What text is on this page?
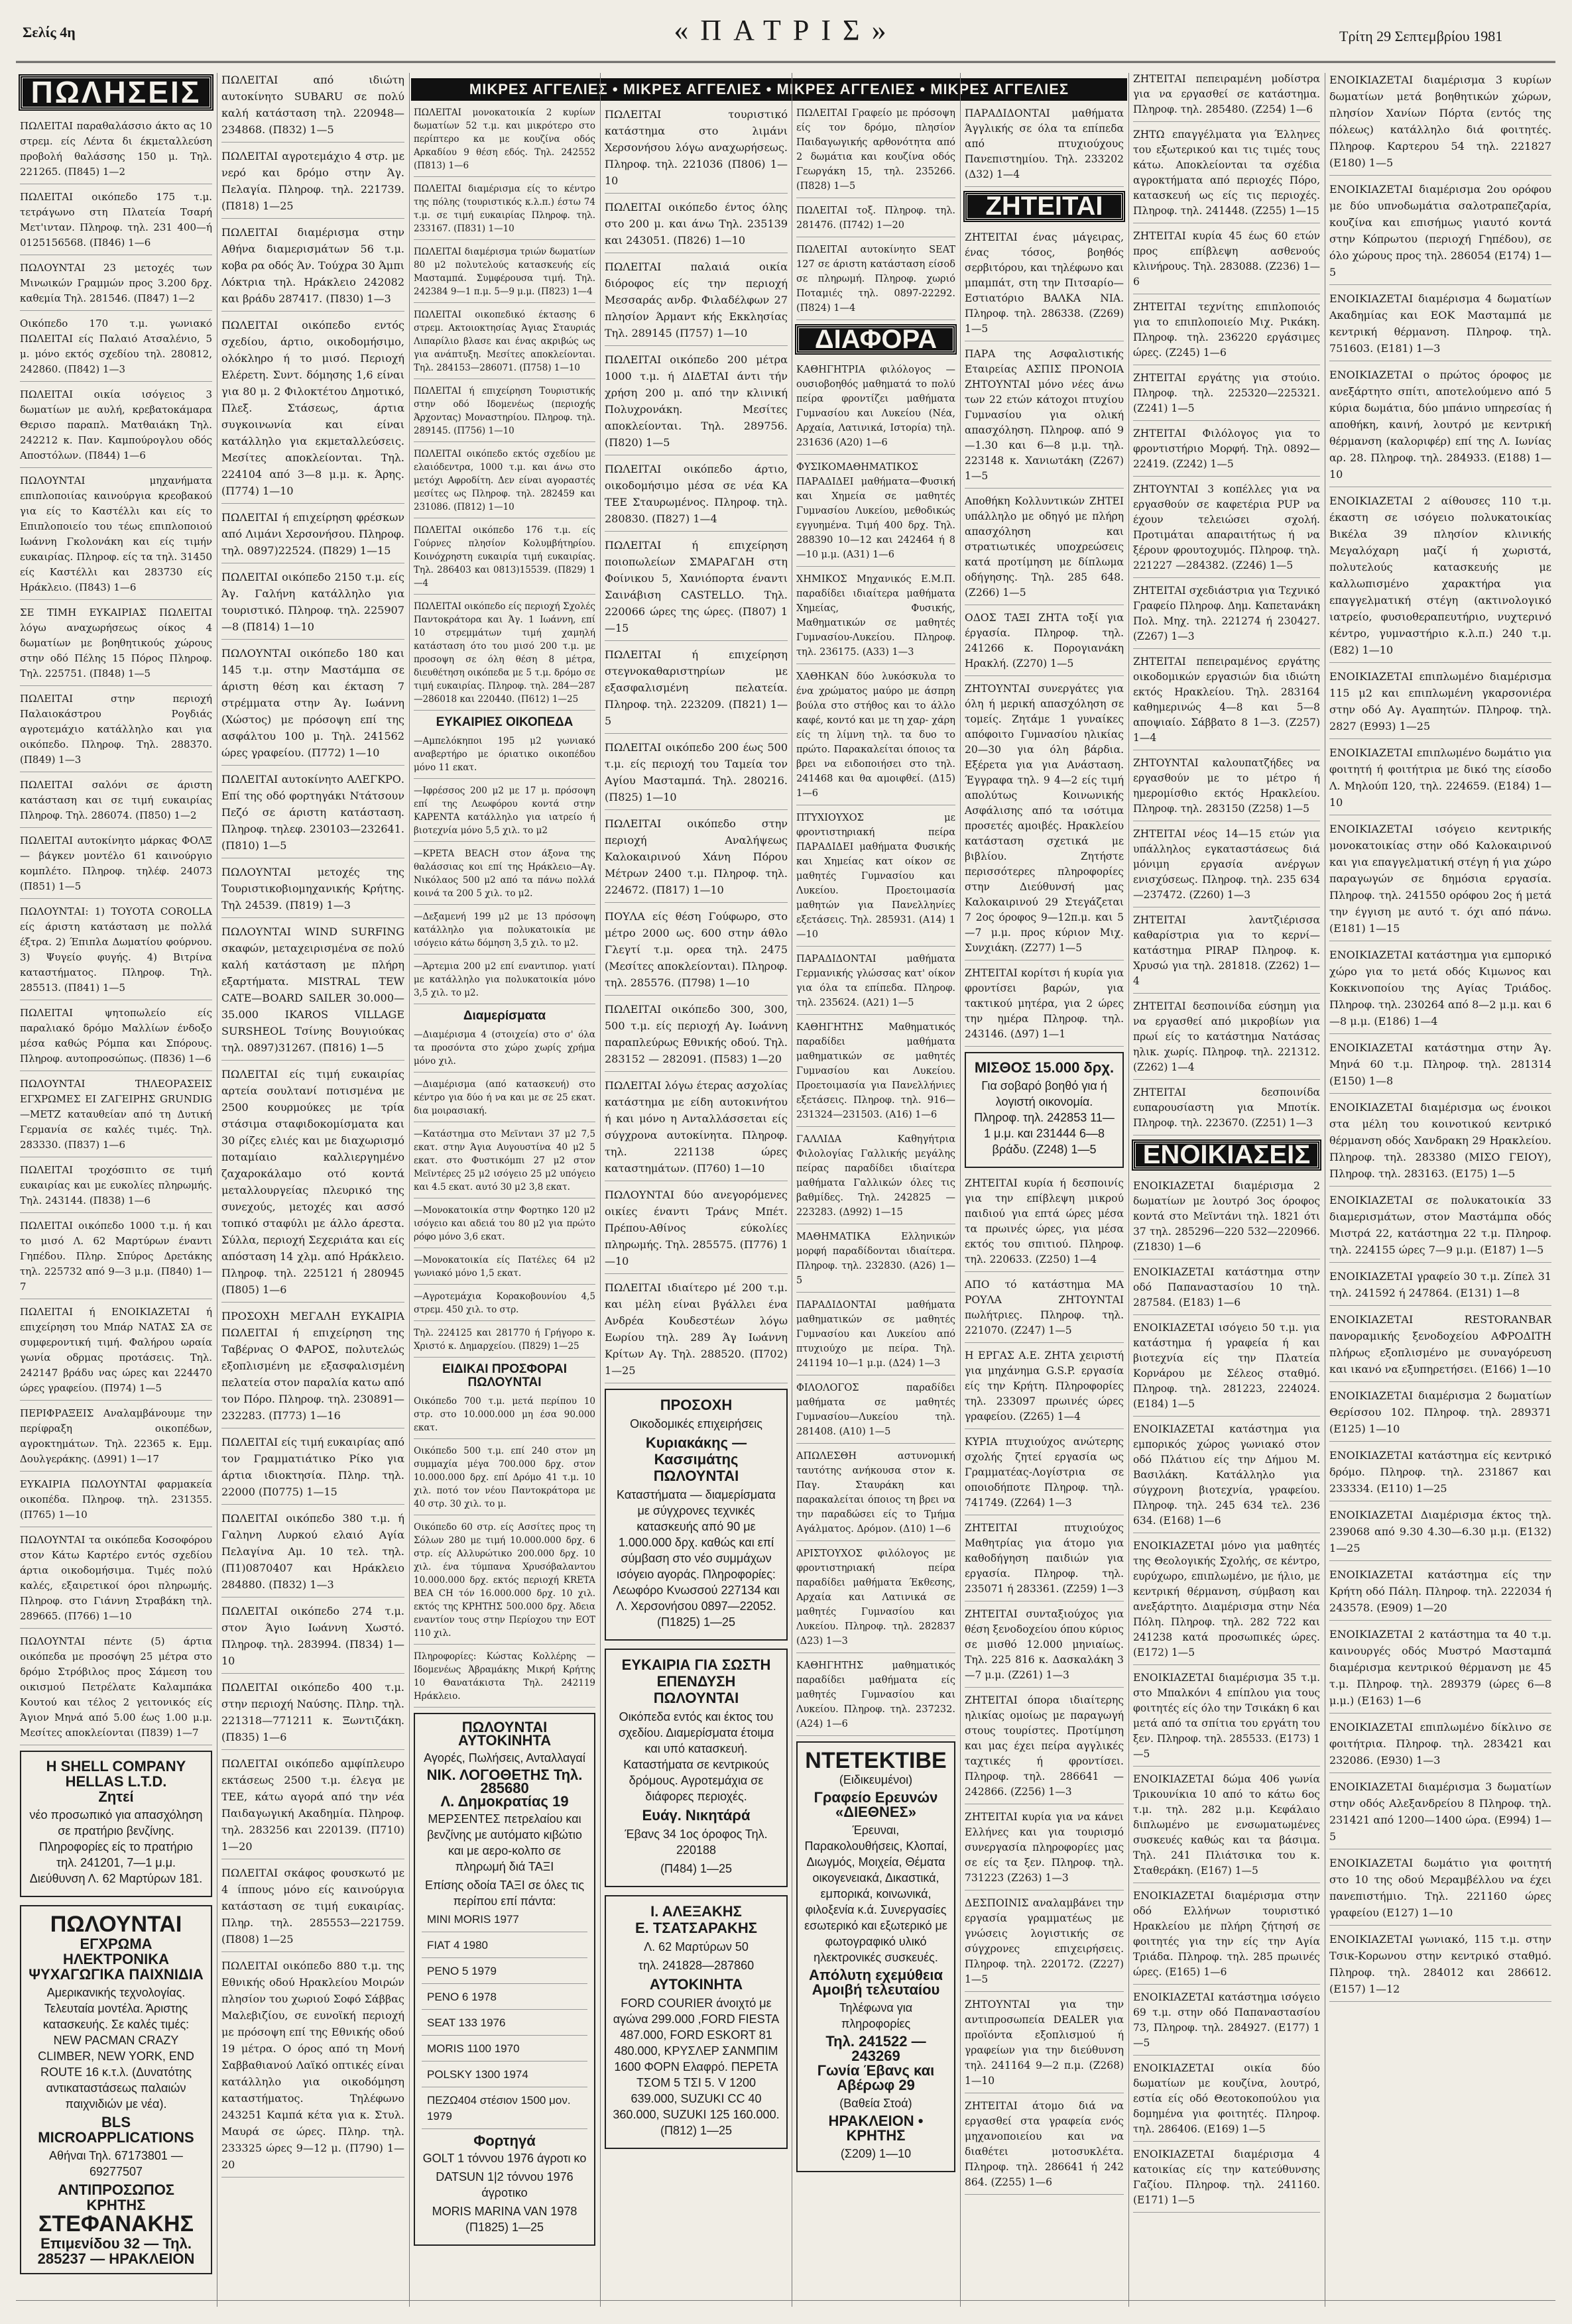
Σελίς 4η	«ΠΑΤΡΙΣ»	Τρίτη 29 Σεπτεμβρίου 1981
ΜΙΚΡΕΣ ΑΓΓΕΛΙΕΣ • ΜΙΚΡΕΣ ΑΓΓΕΛΙΕΣ • ΜΙΚΡΕΣ ΑΓΓΕΛΙΕΣ • ΜΙΚΡΕΣ ΑΓΓΕΛΙΕΣ
ΠΩΛΗΣΕΙΣ
ΠΩΛΕΙΤΑΙ παραθαλάσσιο άκτο ας 10 στρεμ. είς Λέντα δι έκμεταλλεύση προβολή θαλάσσης 150 μ. Τηλ. 221265. (Π845) 1—2
ΠΩΛΕΙΤΑΙ οικόπεδο 175 τ.μ. τετράγωνο στη Πλατεία Τσαρή Μετ'ινταν. Πληροφ. τηλ. 231 400—ή 0125156568. (Π846) 1—6
ΠΩΛΟΥΝΤΑΙ 23 μετοχές των Μινωικών Γραμμών προς 3.200 δρχ. καθεμία Τηλ. 281546. (Π847) 1—2
Οικόπεδο 170 τ.μ. γωνιακό ΠΩΛΕΙΤΑΙ είς Παλαιό Ατσαλένιο, 5 μ. μόνο εκτός σχεδίου τηλ. 280812, 242860. (Π842) 1—3
ΠΩΛΕΙΤΑΙ οικία ισόγειος 3 δωματίων με αυλή, κρεβατοκάμαρα Θερισο παραπλ. Ματθαιάκη Τηλ. 242212 κ. Παν. Καμπούρογλου οδός Αποστόλων. (Π844) 1—6
ΠΩΛΟΥΝΤΑΙ μηχανήματα επιπλοποιίας καινούργια κρεοβακού για είς το Καστέλλι και είς το Επιπλοποιείο του τέως επιπλοποιού Ιωάννη Γκολονάκη και είς τιμήν ευκαιρίας. Πληροφ. είς τα τηλ. 31450 είς Καστέλλι και 283730 είς Ηράκλειο. (Π843) 1—6
ΣΕ ΤΙΜΗ ΕΥΚΑΙΡΙΑΣ ΠΩΛΕΙΤΑΙ λόγω αναχωρήσεως οίκος 4 δωματίων με βοηθητικούς χώρους στην οδό Πέλης 15 Πόρος Πληροφ. Τηλ. 225751. (Π848) 1—5
ΠΩΛΕΙΤΑΙ στην περιοχή Παλαιοκάστρου Ρογδιάς αγροτεμάχιο κατάλληλο και για οικόπεδο. Πληροφ. Τηλ. 288370. (Π849) 1—3
ΠΩΛΕΙΤΑΙ σαλόνι σε άριστη κατάσταση και σε τιμή ευκαιρίας Πληροφ. Τηλ. 286074. (Π850) 1—2
ΠΩΛΕΙΤΑΙ αυτοκίνητο μάρκας ΦΟΛΞ — βάγκεν μοντέλο 61 καινούργιο κομπλέτο. Πληροφ. τηλέφ. 24073 (Π851) 1—5
ΠΩΛΟΥΝΤΑΙ: 1) ΤΟΥΟΤΑ COROLLA είς άριστη κατάσταση με πολλά έξτρα. 2) Έπιπλα Δωματίου φούρνου. 3) Ψυγείο φυγής. 4) Βιτρίνα καταστήματος. Πληροφ. Τηλ. 285513. (Π841) 1—5
ΠΩΛΕΙΤΑΙ ψητοπωλείο είς παραλιακό δρόμο Μαλλίων ένδοξο μέσα καθώς Ρόμπα και Σπόρους. Πληροφ. αυτοπροσώπως. (Π836) 1—6
ΠΩΛΟΥΝΤΑΙ ΤΗΛΕΟΡΑΣΕΙΣ ΕΓΧΡΩΜΕΣ ΕΙ ΖΑΓΕΙΡΗΣ GRUNDIG —ΜΕΤΖ καταυθείαν από τη Δυτική Γερμανία σε καλές τιμές. Τηλ. 283330. (Π837) 1—6
ΠΩΛΕΙΤΑΙ τροχόσπιτο σε τιμή ευκαιρίας και με ευκολίες πληρωμής. Τηλ. 243144. (Π838) 1—6
ΠΩΛΕΙΤΑΙ οικόπεδο 1000 τ.μ. ή και το μισό Λ. 62 Μαρτύρων έναντι Γηπέδου. Πληρ. Σπύρος Δρετάκης τηλ. 225732 από 9—3 μ.μ. (Π840) 1—7
ΠΩΛΕΙΤΑΙ ή ΕΝΟΙΚΙΑΖΕΤΑΙ ή επιχείρηση του Μπάρ ΝΑΤΑΣ ΣΑ σε συμφεροντική τιμή. Φαλήρου ωραία γωνία οδρμας προτάσεις. Τηλ. 242147 βράδυ νας ώρες και 224470 ώρες γραφείου. (Π974) 1—5
ΠΕΡΙΦΡΑΞΕΙΣ Αναλαμβάνουμε την περίφραξη οικοπέδων, αγροκτημάτων. Τηλ. 22365 κ. Εμμ. Δουλγεράκης. (Δ991) 1—17
ΕΥΚΑΙΡΙΑ ΠΩΛΟΥΝΤΑΙ φαρμακεία οικοπέδα. Πληροφ. τηλ. 231355. (Π765) 1—10
ΠΩΛΟΥΝΤΑΙ τα οικόπεδα Κοσοφόρου στον Κάτω Καρτέρο εντός σχεδίου άρτια οικοδομήσιμα. Τιμές πολύ καλές, εξαιρετικοί όροι πληρωμής. Πληροφ. στο Γιάννη Στραβάκη τηλ. 289665. (Π766) 1—10
ΠΩΛΟΥΝΤΑΙ πέντε (5) άρτια οικόπεδα με προσόψη 25 μέτρα στο δρόμο Στρόβιλος προς Σάμεση του οικισμού Πετρέλατε Καλαμπάκα Κουτού και τέλος 2 γειτονικός είς Άγιον Μηνά από 5.00 έως 1.00 μ.μ. Μεσίτες αποκλείονται (Π839) 1—7
Η SHELL COMPANY HELLAS L.T.D.
Ζητεί

νέο προσωπικό για απασχόληση σε πρατήριο βενζίνης. Πληροφορίες είς το πρατήριο τηλ. 241201, 7—1 μ.μ. Διεύθυνση Λ. 62 Μαρτύρων 181.

ΠΩΛΟΥΝΤΑΙ
ΕΓΧΡΩΜΑ ΗΛΕΚΤΡΟΝΙΚΑ
ΨΥΧΑΓΩΓΙΚΑ ΠΑΙΧΝΙΔΙΑ

Αμερικανικής τεχνολογίας. Τελευταία μοντέλα. Άριστης κατασκευής. Σε καλές τιμές: NEW PACMAN CRAZY CLIMBER, NEW YORK, END ROUTE 16 κ.τ.λ. (Δυνατότης αντικαταστάσεως παλαιών παιχνιδιών με νέα).

BLS MICROAPPLICATIONS

Αθήναι Τηλ. 67173801 — 69277507

ΑΝΤΙΠΡΟΣΩΠΟΣ ΚΡΗΤΗΣ
ΣΤΕΦΑΝΑΚΗΣ
Επιμενίδου 32 — Τηλ. 285237 — ΗΡΑΚΛΕΙΟΝ
ΠΩΛΕΙΤΑΙ από ιδιώτη αυτοκίνητο SUBARU σε πολύ καλή κατάσταση τηλ. 220948—234868. (Π832) 1—5
ΠΩΛΕΙΤΑΙ αγροτεμάχιο 4 στρ. με νερό και δρόμο στην Άγ. Πελαγία. Πληροφ. τηλ. 221739. (Π818) 1—25
ΠΩΛΕΙΤΑΙ διαμέρισμα στην Αθήνα διαμερισμάτων 56 τ.μ. κοβα ρα οδός Άν. Τούχρα 30 Άμπι Λόκτρια τηλ. Ηράκλειο 242082 και βράδυ 287417. (Π830) 1—3
ΠΩΛΕΙΤΑΙ οικόπεδο εντός σχεδίου, άρτιο, οικοδομήσιμο, ολόκληρο ή το μισό. Περιοχή Ελέρετη. Συντ. δόμησης 1,6 είναι για 80 μ. 2 Φιλοκτέτου Δημοτικό, Πλεξ. Στάσεως, άρτια συγκοινωνία και είναι κατάλληλο για εκμεταλλεύσεις. Μεσίτες αποκλείονται. Τηλ. 224104 από 3—8 μ.μ. κ. Άρης. (Π774) 1—10
ΠΩΛΕΙΤΑΙ ή επιχείρηση φρέσκων από Λιμάνι Χερσονήσου. Πληροφ. τηλ. 0897)22524. (Π829) 1—15
ΠΩΛΕΙΤΑΙ οικόπεδο 2150 τ.μ. είς Άγ. Γαλήνη κατάλληλο για τουριστικό. Πληροφ. τηλ. 225907—8 (Π814) 1—10
ΠΩΛΟΥΝΤΑΙ οικόπεδο 180 και 145 τ.μ. στην Μαστάμπα σε άριστη θέση και έκταση 7 στρέμματα στην Άγ. Ιωάννη (Χώστος) με πρόσοψη επί της ασφάλτου 100 μ. Τηλ. 241562 ώρες γραφείου. (Π772) 1—10
ΠΩΛΕΙΤΑΙ αυτοκίνητο ΑΛΕΓΚΡΟ. Επί της οδό φορτηγάκι Ντάτσουν Πεζό σε άριστη κατάσταση. Πληροφ. τηλεφ. 230103—232641. (Π810) 1—5
ΠΩΛΟΥΝΤΑΙ μετοχές της Τουριστικοβιομηχανικής Κρήτης. Τηλ 24539. (Π819) 1—3
ΠΩΛΟΥΝΤΑΙ WIND SURFING σκαφών, μεταχειρισμένα σε πολύ καλή κατάσταση με πλήρη εξαρτήματα. MISTRAL TEW CATE—BOARD SAILER 30.000—35.000 IKAROS VILLAGE SURSHEOL Τσίνης Βουγιούκας τηλ. 0897)31267. (Π816) 1—5
ΠΩΛΕΙΤΑΙ είς τιμή ευκαιρίας αρτεία σουλτανί ποτισμένα με 2500 κουρμούκες με τρία στάσιμα σταφιδοκομίσματα και 30 ρίζες ελιές και με διαχωρισμό ποταμίαιο καλλιεργημένο ζαχαροκάλαμο οτό κοντά μεταλλουργείας πλευρικό της συνεχούς, μετοχές και ασσό τοπικό σταφύλι με άλλο άρεστα. Σύλλα, περιοχή Σεχεριάτα και είς απόσταση 14 χλμ. από Ηράκλειο. Πληροφ. τηλ. 225121 ή 280945 (Π805) 1—6
ΠΡΟΣΟΧΗ ΜΕΓΑΛΗ ΕΥΚΑΙΡΙΑ ΠΩΛΕΙΤΑΙ ή επιχείρηση της Ταβέρνας Ο ΦΑΡΟΣ, πολυτελώς εξοπλισμένη με εξασφαλισμένη πελατεία στον παραλία κατω από τον Πόρο. Πληροφ. τηλ. 230891—232283. (Π773) 1—16
ΠΩΛΕΙΤΑΙ είς τιμή ευκαιρίας από τον Γραμματιάτικο Ρίκο για άρτια ιδιοκτησία. Πληρ. τηλ. 22000 (Π0775) 1—15
ΠΩΛΕΙΤΑΙ οικόπεδο 380 τ.μ. ή Γαληνη Λυρκού ελαιό Αγία Πελαγίνα Αμ. 10 τελ. τηλ. (Π1)0870407 και Ηράκλειο 284880. (Π832) 1—3
ΠΩΛΕΙΤΑΙ οικόπεδο 274 τ.μ. στον Άγιο Ιωάννη Χωστό. Πληροφ. τηλ. 283994. (Π834) 1—10
ΠΩΛΕΙΤΑΙ οικόπεδο 400 τ.μ. στην περιοχή Ναύσης. Πληρ. τηλ. 221318—771211 κ. Ξωντιζάκη. (Π835) 1—6
ΠΩΛΕΙΤΑΙ οικόπεδο αμφίπλευρο εκτάσεως 2500 τ.μ. έλεγα με TEE, κάτω αγορά από την νέα Παιδαγωγική Ακαδημία. Πληροφ. τηλ. 283256 και 220139. (Π710) 1—20
ΠΩΛΕΙΤΑΙ σκάφος φουσκωτό με 4 ίππους μόνο είς καινούργια κατάσταση σε τιμή ευκαιρίας. Πληρ. τηλ. 285553—221759. (Π808) 1—25
ΠΩΛΕΙΤΑΙ οικόπεδο 880 τ.μ. της Εθνικής οδού Ηρακλείου Μοιρών πλησίον του χωριού Σοφό Σάββας Μαλεβιζίου, σε ευνοϊκή περιοχή με πρόσοψη επί της Εθνικής οδού 19 μέτρα. Ο όρος από τη Μονή Σαββαθιανού Λαϊκό οπτικές είναι κατάλληλο για οικοδόμηση καταστήματος. Τηλέφωνο 243251 Καμπά κέτα για κ. Στυλ. Μαυρά σε ώρες. Πληρ. τηλ. 233325 ώρες 9—12 μ. (Π790) 1—20
ΠΩΛΕΙΤΑΙ μονοκατοικία 2 κυρίων δωματίων 52 τ.μ. και μικρότερο στο περίπτερο κα με κουζίνα οδός Αρκαδίου 9 θέση εδός. Τηλ. 242552 (Π813) 1—6
ΠΩΛΕΙΤΑΙ διαμέρισμα είς το κέντρο της πόλης (τουριστικός κ.λ.π.) έστω 74 τ.μ. σε τιμή ευκαιρίας Πληροφ. τηλ. 233167. (Π831) 1—10
ΠΩΛΕΙΤΑΙ διαμέρισμα τριών δωματίων 80 μ2 πολυτελούς κατασκευής είς Μασταμπά. Συμφέρουσα τιμή. Τηλ. 242384 9—1 π.μ. 5—9 μ.μ. (Π823) 1—4
ΠΩΛΕΙΤΑΙ οικοπεδικό έκτασης 6 στρεμ. Ακτοιοκτησίας Άγιας Σταυριάς Λιπαρίλιο βλασε και ένας ακριβώς ως για ανάπτυξη. Μεσίτες αποκλείονται. Τηλ. 284153—286071. (Π758) 1—10
ΠΩΛΕΙΤΑΙ ή επιχείρηση Τουριστικής στην οδό Ιδομενέως (περιοχής Άρχοντας) Μοναστηρίου. Πληροφ. τηλ. 289145. (Π756) 1—10
ΠΩΛΕΙΤΑΙ οικόπεδο εκτός σχεδίου με ελαιόδεντρα, 1000 τ.μ. και άνω στο μετόχι Αφροδίτη. Δεν είναι αγοραστές μεσίτες ως Πληροφ. τηλ. 282459 και 231086. (Π812) 1—10
ΠΩΛΕΙΤΑΙ οικόπεδο 176 τ.μ. είς Γούρνες πλησίον Κολυμβήτηρίου. Κοινόχρηστη ευκαιρία τιμή ευκαιρίας. Τηλ. 286403 και 0813)15539. (Π829) 1—4
ΠΩΛΕΙΤΑΙ οικόπεδο είς περιοχή Σχολές Παντοκράτορα και Άγ. 1 Ιωάννη, επί 10 στρεμμάτων τιμή χαμηλή κατάσταση ότο του μισό 200 τ.μ. με προσοψη σε όλη θέση 8 μέτρα, διευθέτηση οικόπεδα με 5 τ.μ. δρόμο σε τιμή ευκαιρίας. Πληροφ. τηλ. 284—287 —286018 και 220440. (Π612) 1—25
ΕΥΚΑΙΡΙΕΣ ΟΙΚΟΠΕΔΑ
—Αμπελόκηποι 195 μ2 γωνιακό αναβερτήρο με όριατικο οικοπέδου μόνο 11 εκατ.
—Ιφρέσσος 200 μ2 με 17 μ. πρόσοψη επί της Λεωφόρου κοντά στην ΚΑΡΕΝΤΑ κατάλληλο για ιατρείο ή βιοτεχνία μόνο 5,5 χιλ. το μ2
—ΚΡΕΤΑ BEACH στον άξονα της θαλάσσιας κοι επί της Ηράκλειο—Αγ. Νικόλαος 500 μ2 από τα πάνω πολλά κοινά τα 200 5 χιλ. το μ2.
—Δεξαμενή 199 μ2 με 13 πρόσοψη κατάλληλο για πολυκατοικία με ισόγειο κάτω δόμηση 3,5 χιλ. το μ2.
—Άρτεμια 200 μ2 επί εναντιπορ. γιατί με κατάλληλο για πολυκατοικία μόνο 3,5 χιλ. το μ2.
Διαμερίσματα
—Διαμέρισμα 4 (στοιχεία) στο σ' όλα τα προσόντα στο χώρο χωρίς χρήμα μόνο χιλ.
—Διαμέρισμα (από κατασκευή) στο κέντρο για δύο ή να και με σε 25 εκατ. δια μοιρασιακή.
—Κατάστημα στο Μεϊντανι 37 μ2 7,5 εκατ. στην Άγια Αυγουστίνα 40 μ2 5 εκατ. στο Φυστικόμπι 27 μ2 στον Μεϊντέρες 25 μ2 ισόγειο 25 μ2 υπόγειο και 4.5 εκατ. αυτό 30 μ2 3,8 εκατ.
—Μονοκατοικία στην Φορτηκο 120 μ2 ισόγειο και αδειά του 80 μ2 για πρώτο ρόφο μόνο 3,6 εκατ.
—Μονοκατοικία είς Πατέλες 64 μ2 γωνιακό μόνο 1,5 εκατ.
—Αγροτεμάχια Κορακοβουνίου 4,5 στρεμ. 450 χιλ. το στρ.
Τηλ. 224125 και 281770 ή Γρήγορο κ. Χριστό κ. Δημαρχείου. (Π829) 1—25
ΕΙΔΙΚΑΙ ΠΡΟΣΦΟΡΑΙ ΠΩΛΟΥΝΤΑΙ
Οικόπεδο 700 τ.μ. μετά περίπου 10 στρ. στο 10.000.000 μη έσα 90.000 εκατ.
Οικόπεδο 500 τ.μ. επί 240 στον μη συμμαχία μέγα 700.000 δρχ. στον 10.000.000 δρχ. επί Δρόμο 41 τ.μ. 10 χιλ. ποτό τον νέου Παντοκράτορα με 40 στρ. 30 χιλ. το μ.
Οικόπεδο 60 στρ. είς Ασσίτες προς τη Σόλων 280 με τιμή 10.000.000 δρχ. 6 στρ. είς Αλλυρώτικο 200.000 δρχ. 10 χιλ. ένα τύμπανα Χρυσόβαλαντου 10.000.000 δρχ. εκτός περιοχή KRETA BEA CH τόν 16.000.000 δρχ. 10 χιλ. εκτός της ΚΡΗΤΗΣ 500.000 δρχ. Άδεια εναντίον τους στην Περίοχου την ΕΟΤ 110 χιλ.
Πληροφορίες: Κώστας Κολλέρης —Ιδομενέως Άβραμάκης Μικρή Κρήτης 10 Θανατάκιστα Τηλ. 242119 Ηράκλειο.
ΠΩΛΟΥΝΤΑΙ ΑΥΤΟΚΙΝΗΤΑ

Αγορές, Πωλήσεις, Ανταλλαγαί

ΝΙΚ. ΛΟΓΟΘΕΤΗΣ Τηλ. 285680
Λ. Δημοκρατίας 19

ΜΕΡΣΕΝΤΕΣ πετρελαίου και βενζίνης με αυτόματο κιβώτιο και με αερο-κολπο σε πληρωμή διά ΤΑΞΙ

Επίσης οδοία ΤΑΞΙ σε όλες τις περίπου επί πάντα:

MINI MORIS 1977
FIAT 4 1980
PENO 5 1979
PENO 6 1978
SEAT 133 1976
MORIS 1100 1970
POLSKY 1300 1974
ΠΕΖΩ404 στέσιον 1500 μον. 1979
Φορτηγά

GOLT 1 τόννου 1976 άγροτι κο

DATSUN 1|2 τόννου 1976 άγροτικο

MORIS MARINA VAN 1978 (Π1825) 1—25

ΠΩΛΕΙΤΑΙ τουριστικό κατάστημα στο λιμάνι Χερσονήσου λόγω αναχωρήσεως. Πληροφ. τηλ. 221036 (Π806) 1—10
ΠΩΛΕΙΤΑΙ οικόπεδο έντος όλης στο 200 μ. και άνω Τηλ. 235139 και 243051. (Π826) 1—10
ΠΩΛΕΙΤΑΙ παλαιά οικία διόροφος είς την περιοχή Μεσσαράς ανδρ. Φιλαδέλφων 27 πλησίον Άρμαντ κής Εκκλησίας Τηλ. 289145 (Π757) 1—10
ΠΩΛΕΙΤΑΙ οικόπεδο 200 μέτρα 1000 τ.μ. ή ΔΙΔΕΤΑΙ άντι τήν χρήση 200 μ. από την κλινική Πολυχρονάκη. Μεσίτες αποκλείονται. Τηλ. 289756. (Π820) 1—5
ΠΩΛΕΙΤΑΙ οικόπεδο άρτιο, οικοδομήσιμο μέσα σε νέα ΚΑ ΤΕΕ Σταυρωμένος. Πληροφ. τηλ. 280830. (Π827) 1—4
ΠΩΛΕΙΤΑΙ ή επιχείρηση ποιοπωλείων ΣΜΑΡΑΓΔΗ στη Φοίνικου 5, Χανιόπορτα έναντι Σαινάβιση CASTELLO. Τηλ. 220066 ώρες της ώρες. (Π807) 1—15
ΠΩΛΕΙΤΑΙ ή επιχείρηση στεγνοκαθαριστηρίων με εξασφαλισμένη πελατεία. Πληροφ. τηλ. 223209. (Π821) 1—5
ΠΩΛΕΙΤΑΙ οικόπεδο 200 έως 500 τ.μ. είς περιοχή του Ταμεία τον Αγίου Μασταμπά. Τηλ. 280216. (Π825) 1—10
ΠΩΛΕΙΤΑΙ οικόπεδο στην περιοχή Αναλήψεως Καλοκαιρινού Χάνη Πόρου Μέτρων 2400 τ.μ. Πληροφ. τηλ. 224672. (Π817) 1—10
ΠΟΥΛΑ είς θέση Γούφωρο, στο μέτρο 2000 ως. 600 στην άθλο Γλεγτί τ.μ. ορεα τηλ. 2475 (Μεσίτες αποκλείονται). Πληροφ. τηλ. 285576. (Π798) 1—10
ΠΩΛΕΙΤΑΙ οικόπεδο 300, 300, 500 τ.μ. είς περιοχή Αγ. Ιωάννη παραπλεύρως Εθνικής οδού. Τηλ. 283152 — 282091. (Π583) 1—20
ΠΩΛΕΙΤΑΙ λόγω έτερας ασχολίας κατάστημα με είδη αυτοκινήτου ή και μόνο η Ανταλλάσσεται είς σύγχρονα αυτοκίνητα. Πληροφ. τηλ. 221138 ώρες καταστημάτων. (Π760) 1—10
ΠΩΛΟΥΝΤΑΙ δύο ανεγορόμενες οικίες έναντι Τράνς Μπέτ. Πρέπου-Αθίνος εύκολίες πληρωμής. Τηλ. 285575. (Π776) 1—10
ΠΩΛΕΙΤΑΙ ιδιαίτερο μέ 200 τ.μ. και μέλη είναι βγάλλει ένα Ανδρέα Κουδεστέων λόγω Εωρίου τηλ. 289 Άγ Ιωάννη Κρίτων Αγ. Τηλ. 288520. (Π702) 1—25
ΠΡΟΣΟΧΗ

Οικοδομικές επιχειρήσεις

Κυριακάκης — Κασσιμάτης
ΠΩΛΟΥΝΤΑΙ

Καταστήματα — διαμερίσματα με σύγχρονες τεχνικές κατασκευής από 90 με 1.000.000 δρχ. καθώς και επί σύμβαση στο νέο συμμάχων ισόγειο αγοράς. Πληροφορίες: Λεωφόρο Κνωσσού 227134 και Λ. Χερσονήσου 0897—22052. (Π1825) 1—25

ΕΥΚΑΙΡΙΑ ΓΙΑ ΣΩΣΤΗ ΕΠΕΝΔΥΣΗ
ΠΩΛΟΥΝΤΑΙ

Οικόπεδα εντός και έκτος του σχεδίου. Διαμερίσματα έτοιμα και υπό κατασκευή. Καταστήματα σε κεντρικούς δρόμους. Αγροτεμάχια σε διάφορες περιοχές.

Ευάγ. Νικητάρά

Έβανς 34 1ος όροφος Τηλ. 220188

(Π484) 1—25

Ι. ΑΛΕΞΑΚΗΣ
Ε. ΤΣΑΤΣΑΡΑΚΗΣ

Λ. 62 Μαρτύρων 50

τηλ. 241828—287860

ΑΥΤΟΚΙΝΗΤΑ

FORD COURIER άνοιχτό με αγώνα 299.000 ,FORD FIESTA 487.000, FORD ESKORT 81 480.000, ΚΡΥΣΛΕΡ ΣΑΝΜΠΙΜ 1600 ΦΟΡΝ Ελαφρό. ΠΕΡΕΤΑ ΤΣΟΜ 5 ΤΣΙ 5. V 1200 639.000, SUZUKI CC 40 360.000, SUZUKI 125 160.000. (Π812) 1—25

ΠΩΛΕΙΤΑΙ Γραφείο με πρόσοψη είς τον δρόμο, πλησίον Παιδαγωγικής αρθονότητα από 2 δωμάτια και κουζίνα οδός Γεωργάκη 15, τηλ. 235266. (Π828) 1—5
ΠΩΛΕΙΤΑΙ τοξ. Πληροφ. τηλ. 281476. (Π742) 1—20
ΠΩΛΕΙΤΑΙ αυτοκίνητο SEAT 127 σε άριστη κατάσταση είσοδ σε πληρωμή. Πληροφ. χωριό Ποταμιές τηλ. 0897-22292. (Π824) 1—4
ΔΙΑΦΟΡΑ
ΚΑΘΗΓΗΤΡΙΑ φιλόλογος — ουσιοβοηθός μαθηματά το πολύ πείρα φροντίζει μαθήματα Γυμνασίου και Λυκείου (Νέα, Αρχαία, Λατινικά, Ιστορία) τηλ. 231636 (Α20) 1—6
ΦΥΣΙΚΟΜΑΘΗΜΑΤΙΚΟΣ ΠΑΡΑΔΙΔΕΙ μαθήματα—Φυσική και Χημεία σε μαθητές Γυμνασίου Λυκείου, μεθοδικώς εγγυημένα. Τιμή 400 δρχ. Τηλ. 288390 10—12 και 242464 ή 8—10 μ.μ. (Α31) 1—6
ΧΗΜΙΚΟΣ Μηχανικός Ε.Μ.Π. παραδίδει ιδιαίτερα μαθήματα Χημείας, Φυσικής, Μαθηματικών σε μαθητές Γυμνασίου-Λυκείου. Πληροφ. τηλ. 236175. (Α33) 1—3
ΧΑΘΗΚΑΝ δύο λυκόσκυλα το ένα χρώματος μαύρο με άσπρη βούλα στο στήθος και το άλλο καφέ, κοντό και με τη χαρ- χάρη είς τη λίμνη τηλ. τα δυο το πρώτο. Παρακαλείται όποιος τα βρει να ειδοποιήσει στο τηλ. 241468 και θα αμοιφθεί. (Δ15) 1—6
ΠΤΥΧΙΟΥΧΟΣ με φροντιστηριακή πείρα ΠΑΡΑΔΙΔΕΙ μαθήματα Φυσικής και Χημείας κατ οίκον σε μαθητές Γυμνασίου και Λυκείου. Προετοιμασία μαθητών για Πανελληνίες εξετάσεις. Τηλ. 285931. (Α14) 1—10
ΠΑΡΑΔΙΔΟΝΤΑΙ μαθήματα Γερμανικής γλώσσας κατ' οίκον για όλα τα επίπεδα. Πληροφ. τηλ. 235624. (Α21) 1—5
ΚΑΘΗΓΗΤΗΣ Μαθηματικός παραδίδει μαθήματα μαθηματικών σε μαθητές Γυμνασίου και Λυκείου. Προετοιμασία για Πανελλήνιες εξετάσεις. Πληροφ. τηλ. 916—231324—231503. (Α16) 1—6
ΓΑΛΛΙΔΑ Καθηγήτρια Φιλολογίας Γαλλικής μεγάλης πείρας παραδίδει ιδιαίτερα μαθήματα Γαλλικών όλες τις βαθμίδες. Τηλ. 242825 — 223283. (Δ992) 1—15
ΜΑΘΗΜΑΤΙΚΑ Ελληνικών μορφή παραδίδονται ιδιαίτερα. Πληροφ. τηλ. 232830. (Α26) 1—5
ΠΑΡΑΔΙΔΟΝΤΑΙ μαθήματα μαθηματικών σε μαθητές Γυμνασίου και Λυκείου από πτυχιούχο με πείρα. Τηλ. 241194 10—1 μ.μ. (Δ24) 1—3
ΦΙΛΟΛΟΓΟΣ παραδίδει μαθήματα σε μαθητές Γυμνασίου—Λυκείου τηλ. 281408. (Α10) 1—5
ΑΠΩΛΕΣΘΗ αστυνομική ταυτότης ανήκουσα στον κ. Παγ. Σταυράκη και παρακαλείται όποιος τη βρει να την παραδώσει είς το Τμήμα Αγάλματος. Δρόμον. (Δ10) 1—6
ΑΡΙΣΤΟΥΧΟΣ φιλόλογος με φροντιστηριακή πείρα παραδίδει μαθήματα Έκθεσης, Αρχαία και Λατινικά σε μαθητές Γυμνασίου και Λυκείου. Πληροφ. τηλ. 282837 (Δ23) 1—3
ΚΑΘΗΓΗΤΗΣ μαθηματικός παραδίδει μαθήματα είς μαθητές Γυμνασίου και Λυκείου. Πληροφ. τηλ. 237232. (Α24) 1—6
ΝΤΕΤΕΚΤΙΒΕ

(Ειδικευμένοι)

Γραφείο Ερευνών «ΔΙΕΘΝΕΣ»

Έρευναι, Παρακολουθήσεις, Κλοπαί, Διωγμός, Μοιχεία, Θέματα οικογενειακά, Δικαστικά, εμπορικά, κοινωνικά, φιλοξενία κ.ά. Συνεργασίες εσωτερικό και εξωτερικό με φωτογραφικό υλικό ηλεκτρονικές συσκευές.

Απόλυτη εχεμύθεια
Αμοιβή τελευταίου

Τηλέφωνα για πληροφορίες

Τηλ. 241522 — 243269
Γωνία Έβανς και Αβέρωφ 29

(Βαθεία Στοά)

ΗΡΑΚΛΕΙΟΝ • ΚΡΗΤΗΣ

(Σ209) 1—10

ΠΑΡΑΔΙΔΟΝΤΑΙ μαθήματα Άγγλικής σε όλα τα επίπεδα από πτυχιούχους Πανεπιστημίου. Τηλ. 233202 (Δ32) 1—4
ΖΗΤΕΙΤΑΙ
ΖΗΤΕΙΤΑΙ ένας μάγειρας, ένας τόσος, βοηθός σερβιτόρου, και τηλέφωνο και μπαμπάτ, στη την Πιτσαρίο—Εστιατόριο ΒΑΛΚΑ ΝΙΑ. Πληροφ. τηλ. 286338. (Ζ269) 1—5
ΠΑΡΑ της Ασφαλιστικής Εταιρείας ΑΣΠΙΣ ΠΡΟΝΟΙΑ ΖΗΤΟΥΝΤΑΙ μόνο νέες άνω των 22 ετών κάτοχοι πτυχίου Γυμνασίου για ολική απασχόληση. Πληροφ. από 9—1.30 και 6—8 μ.μ. τηλ. 223148 κ. Χανιωτάκη (Ζ267) 1—5
Αποθήκη Κολλυντικών ΖΗΤΕΙ υπάλληλο με οδηγό με πλήρη απασχόληση και στρατιωτικές υποχρεώσεις κατά προτίμηση με δίπλωμα οδήγησης. Τηλ. 285 648. (Ζ266) 1—5
ΟΔΟΣ ΤΑΞΙ ΖΗΤΑ τοξί για έργασία. Πληροφ. τηλ. 241266 κ. Πορογιανάκη Ηρακλή. (Ζ270) 1—5
ΖΗΤΟΥΝΤΑΙ συνεργάτες για όλη ή μερική απασχόληση σε τομείς. Ζητάμε 1 γυναίκες απόφοιτο Γυμνασίου ηλικίας 20—30 για όλη βάρδια. Εξέρετα για για Ανάσταση. Έγγραφα τηλ. 9 4—2 είς τιμή απολύτως Κοινωνικής Ασφάλισης από τα ισότιμα προσετές αμοιβές. Ηρακλείου κατάσταση σχετικά με βιβλίου. Ζητήστε περισσότερες πληροφορίες στην Διεύθυνσή μας Καλοκαιρινού 29 Στεγάζεται 7 2ος όροφος 9—12π.μ. και 5—7 μ.μ. προς κύριον Μιχ. Συνχιάκη. (Ζ277) 1—5
ΖΗΤΕΙΤΑΙ κορίτσι ή κυρία για φροντίσει βαρών, για τακτικού μητέρα, για 2 ώρες την ημέρα Πληροφ. τηλ. 243146. (Δ97) 1—1
ΜΙΣΘΟΣ 15.000 δρχ.

Για σοβαρό βοηθό για ή λογιστή οικονομία. Πληροφ. τηλ. 242853 11—1 μ.μ. και 231444 6—8 βράδυ. (Ζ248) 1—5

ΖΗΤΕΙΤΑΙ κυρία ή δεσποινίς για την επίβλεψη μικρού παιδιού για επτά ώρες μέσα τα πρωινές ώρες, για μέσα εκτός του σπιτιού. Πληροφ. τηλ. 220633. (Z250) 1—4
ΑΠΟ τό κατάστημα ΜΑ ΡΟΥΛΑ ΖΗΤΟΥΝΤΑΙ πωλήτριες. Πληροφ. τηλ. 221070. (Ζ247) 1—5
Η ΕΡΓΑΣ Α.Ε. ΖΗΤΑ χειριστή για μηχάνημα G.S.P. εργασία είς την Κρήτη. Πληροφορίες τηλ. 233097 πρωινές ώρες γραφείου. (Z265) 1—4
ΚΥΡΙΑ πτυχιούχος ανώτερης σχολής ζητεί εργασία ως Γραμματέας-Λογίστρια σε οποιοδήποτε Πληροφ. τηλ. 741749. (Ζ264) 1—3
ΖΗΤΕΙΤΑΙ πτυχιούχος Μαθητρίας για άτομο για καθοδήγηση παιδιών για εργασία. Πληροφ. τηλ. 235071 ή 283361. (Ζ259) 1—3
ΖΗΤΕΙΤΑΙ συνταξιούχος για θέση ξενοδοχείου όπου κύριος σε μισθό 12.000 μηνιαίως. Τηλ. 225 816 κ. Δασκαλάκη 3—7 μ.μ. (Ζ261) 1—3
ΖΗΤΕΙΤΑΙ όπορα ιδιαίτερης ηλικίας ομοίως με παραγωγή στους τουρίστες. Προτίμηση και μας έχει πείρα αγγλικές ταχτικές ή φροντίσει. Πληροφ. τηλ. 286641 — 242866. (Ζ256) 1—3
ΖΗΤΕΙΤΑΙ κυρία για να κάνει Ελλήνες και για τουρισμό συνεργασία πληροφορίες μας σε είς τα ξεν. Πληροφ. τηλ. 731223 (Z263) 1—3
ΔΕΣΠΟΙΝΙΣ αναλαμβάνει την εργασία γραμματέως με γνώσεις λογιστικής σε σύγχρονες επιχειρήσεις. Πληροφ. τηλ. 220172. (Ζ227) 1—5
ΖΗΤΟΥΝΤΑΙ για την αντιπροσωπεία DEALER για προϊόντα εξοπλισμού ή γραφείων για την διεύθυνση τηλ. 241164 9—2 π.μ. (Z268) 1—10
ΖΗΤΕΙΤΑΙ άτομο διά να εργασθεί στα γραφεία ενός μηχανοποιείου και να διαθέτει μοτοσυκλέτα. Πληροφ. τηλ. 286641 ή 242 864. (Ζ255) 1—6
ΖΗΤΕΙΤΑΙ πεπειραμένη μοδίστρα για να εργασθεί σε κατάστημα. Πληροφ. τηλ. 285480. (Ζ254) 1—6
ΖΗΤΩ επαγγέλματα για Έλληνες του εξωτερικού και τις τιμές τους κάτω. Αποκλείονται τα σχέδια αγροκτήματα από περιοχές Πόρο, κατασκευή ως είς τις περιοχές. Πληροφ. τηλ. 241448. (Ζ255) 1—15
ΖΗΤΕΙΤΑΙ κυρία 45 έως 60 ετών προς επίβλεψη ασθενούς κλινήρους. Τηλ. 283088. (Z236) 1—6
ΖΗΤΕΙΤΑΙ τεχνίτης επιπλοποιός για το επιπλοποιείο Μιχ. Ρικάκη. Πληροφ. τηλ. 236220 εργάσιμες ώρες. (Z245) 1—6
ΖΗΤΕΙΤΑΙ εργάτης για στούιο. Πληροφ. τηλ. 225320—225321. (Ζ241) 1—5
ΖΗΤΕΙΤΑΙ Φιλόλογος για το φροντιστήριο Μορφή. Τηλ. 0892—22419. (Ζ242) 1—5
ΖΗΤΟΥΝΤΑΙ 3 κοπέλλες για να εργασθούν σε καφετέρια PUP να έχουν τελειώσει σχολή. Προτιμάται απαραιτήτως ή να ξέρουν φρουτοχυμός. Πληροφ. τηλ. 221227 —284382. (Z246) 1—5
ΖΗΤΕΙΤΑΙ σχεδιάστρια για Τεχνικό Γραφείο Πληροφ. Δημ. Καπετανάκη Πολ. Μηχ. τηλ. 221274 ή 230427. (Z267) 1—3
ΖΗΤΕΙΤΑΙ πεπειραμένος εργάτης οικοδομικών εργασιών δια ιδιώτη εκτός Ηρακλείου. Τηλ. 283164 καθημερινώς 4—8 και 5—8 αποψιαίο. Σάββατο 8 1—3. (Ζ257) 1—4
ΖΗΤΟΥΝΤΑΙ καλουπατζήδες να εργασθούν με το μέτρο ή ημερομίσθιο εκτός Ηρακλείου. Πληροφ. τηλ. 283150 (Z258) 1—5
ΖΗΤΕΙΤΑΙ νέος 14—15 ετών για υπάλληλος εγκαταστάσεως διά μόνιμη εργασία ανέργων ενισχύσεως. Πληροφ. τηλ. 235 634—237472. (Ζ260) 1—3
ΖΗΤΕΙΤΑΙ λαντζιέρισσα καθαρίστρια για το κερνί—κατάστημα PIRAP Πληροφ. κ. Χρυσώ για τηλ. 281818. (Ζ262) 1—4
ΖΗΤΕΙΤΑΙ δεσποινίδα εύσημη για να εργασθεί από μικροβίων για πρωί είς το κατάστημα Νατάσας ηλικ. χωρίς. Πληροφ. τηλ. 221312. (Ζ262) 1—4
ΖΗΤΕΙΤΑΙ δεσποινίδα ευπαρουσίαστη για Μποτίκ. Πληροφ. τηλ. 223670. (Ζ251) 1—3
ΕΝΟΙΚΙΑΣΕΙΣ
ΕΝΟΙΚΙΑΖΕΤΑΙ διαμέρισμα 2 δωματίων με λουτρό 3ος όροφος κοντά στο Μεϊντάνι τηλ. 1821 ότι 37 τηλ. 285296—220 532—220966. (Ζ1830) 1—6
ΕΝΟΙΚΙΑΖΕΤΑΙ κατάστημα στην οδό Παπαναστασίου 10 τηλ. 287584. (Ε183) 1—6
ΕΝΟΙΚΙΑΖΕΤΑΙ ισόγειο 50 τ.μ. για κατάστημα ή γραφεία ή και βιοτεχνία είς την Πλατεία Κορνάρου με Σέλεος σταθμό. Πληροφ. τηλ. 281223, 224024. (E184) 1—5
ΕΝΟΙΚΙΑΖΕΤΑΙ κατάστημα για εμπορικός χώρος γωνιακό στον οδό Πλάτιου είς την Δήμου Μ. Βασιλάκη. Κατάλληλο για σύγχρονη βιοτεχνία, γραφείου. Πληροφ. τηλ. 245 634 τελ. 236 634. (Ε168) 1—6
ΕΝΟΙΚΙΑΖΕΤΑΙ μόνο για μαθητές της Θεολογικής Σχολής, σε κέντρο, ευρύχωρο, επιπλωμένο, με ήλιο, με κεντρική θέρμανση, σύμβαση και ανεξάρτητο. Διαμέρισμα στην Νέα Πόλη. Πληροφ. τηλ. 282 722 και 241238 κατά προσωπικές ώρες. (Ε172) 1—5
ΕΝΟΙΚΙΑΖΕΤΑΙ διαμέρισμα 35 τ.μ. στο Μπαλκόνι 4 επίπλου για τους φοιτητές είς όλο την Τσικάκη 6 και μετά από τα σπίτια του εργάτη του ξεν. Πληροφ. τηλ. 285533. (E173) 1—5
ΕΝΟΙΚΙΑΖΕΤΑΙ δώμα 406 γωνία Τρικουνίκια 10 από το κάτω 6ος τ.μ. τηλ. 282 μ.μ. Κεφάλαιο διπλωμένο με ενσωματωμένες συσκευές καθώς και τα βάσιμα. Τηλ. 241 Πλιάτσικα του κ. Σταθεράκη. (Ε167) 1—5
ΕΝΟΙΚΙΑΖΕΤΑΙ διαμέρισμα στην οδό Ελλήνων τουριστικό Ηρακλείου με πλήρη ζήτησή σε φοιτητές για την είς την Αγία Τριάδα. Πληροφ. τηλ. 285 πρωινές ώρες. (Ε165) 1—6
ΕΝΟΙΚΙΑΖΕΤΑΙ κατάστημα ισόγειο 69 τ.μ. στην οδό Παπαναστασίου 73, Πληροφ. τηλ. 284927. (Ε177) 1—5
ΕΝΟΙΚΙΑΖΕΤΑΙ οικία δύο δωματίων με κουζίνα, λουτρό, εστία είς οδό Θεοτοκοπούλου για δομημένα για φοιτητές. Πληροφ. τηλ. 286406. (Ε169) 1—5
ΕΝΟΙΚΙΑΖΕΤΑΙ διαμέρισμα 4 κατοικίας είς την κατεύθυνσης Γαζίου. Πληροφ. τηλ. 241160. (Ε171) 1—5
ΕΝΟΙΚΙΑΖΕΤΑΙ διαμέρισμα 3 κυρίων δωματίων μετά βοηθητικών χώρων, πλησίον Χανίων Πόρτα (εντός της πόλεως) κατάλληλο διά φοιτητές. Πληροφ. Καρτερου 54 τηλ. 221827 (Ε180) 1—5
ΕΝΟΙΚΙΑΖΕΤΑΙ διαμέρισμα 2ου ορόφου με δύο υπνοδωμάτια σαλοτραπεζαρία, κουζίνα και επισήμως γιαυτό κοντά στην Κόπρωτου (περιοχή Γηπέδου), σε όλο χώρους προς τηλ. 286054 (Ε174) 1—5
ΕΝΟΙΚΙΑΖΕΤΑΙ διαμέρισμα 4 δωματίων Ακαδημίας και ΕΟΚ Μασταμπά με κεντρική θέρμανση. Πληροφ. τηλ. 751603. (Ε181) 1—3
ΕΝΟΙΚΙΑΖΕΤΑΙ ο πρώτος όροφος με ανεξάρτητο σπίτι, αποτελούμενο από 5 κύρια δωμάτια, δύο μπάνιο υπηρεσίας ή αποθήκη, καινή, λουτρό με κεντρική θέρμανση (καλοριφέρ) επί της Λ. Ιωνίας αρ. 28. Πληροφ. τηλ. 284933. (Ε188) 1—10
ΕΝΟΙΚΙΑΖΕΤΑΙ 2 αίθουσες 110 τ.μ. έκαστη σε ισόγειο πολυκατοικίας Βικέλα 39 πλησίον κλινικής Μεγαλόχαρη μαζί ή χωριστά, πολυτελούς κατασκευής με καλλωπισμένο χαρακτήρα για επαγγελματική στέγη (ακτινολογικό ιατρείο, φυσιοθεραπευτήριο, νυχτερινό κέντρο, γυμναστήριο κ.λ.π.) 240 τ.μ. (Ε82) 1—10
ΕΝΟΙΚΙΑΖΕΤΑΙ επιπλωμένο διαμέρισμα 115 μ2 και επιπλωμένη γκαρσονιέρα στην οδό Αγ. Αγαπητών. Πληροφ. τηλ. 2827 (Ε993) 1—25
ΕΝΟΙΚΙΑΖΕΤΑΙ επιπλωμένο δωμάτιο για φοιτητή ή φοιτήτρια με δικό της είσοδο Λ. Μηλούπ 120, τηλ. 224659. (Ε184) 1—10
ΕΝΟΙΚΙΑΖΕΤΑΙ ισόγειο κεντρικής μονοκατοικίας στην οδό Καλοκαιρινού και για επαγγελματική στέγη ή για χώρο παραγωγών σε δημόσια εργασία. Πληροφ. τηλ. 241550 ορόφου 2ος ή μετά την έγγιση με αυτό τ. όχι από πάνω. (Ε181) 1—15
ΕΝΟΙΚΙΑΖΕΤΑΙ κατάστημα για εμπορικό χώρο για το μετά οδός Κιμωνος και Κοκκινοποίου της Αγίας Τριάδος. Πληροφ. τηλ. 230264 από 8—2 μ.μ. και 6—8 μ.μ. (Ε186) 1—4
ΕΝΟΙΚΙΑΖΕΤΑΙ κατάστημα στην Άγ. Μηνά 60 τ.μ. Πληροφ. τηλ. 281314 (Ε150) 1—8
ΕΝΟΙΚΙΑΖΕΤΑΙ διαμέρισμα ως ένοικοι στα μέλη του κοινοτικού κεντρικό θέρμανση οδός Χανδρακη 29 Ηρακλείου. Πληροφ. τηλ. 283380 (ΜΙΣΟ ΓΕΙΟΥ), Πληροφ. τηλ. 283163. (Ε175) 1—5
ΕΝΟΙΚΙΑΖΕΤΑΙ σε πολυκατοικία 33 διαμερισμάτων, στον Μαστάμπα οδός Μιστρά 22, κατάστημα 22 τ.μ. Πληροφ. τηλ. 224155 ώρες 7—9 μ.μ. (Ε187) 1—5
ΕΝΟΙΚΙΑΖΕΤΑΙ γραφείο 30 τ.μ. Ζίπελ 31 τηλ. 241592 ή 247864. (Ε131) 1—8
ΕΝΟΙΚΙΑΖΕΤΑΙ RESTORANBAR πανοραμικής ξενοδοχείου ΑΦΡΟΔΙΤΗ πλήρως εξοπλισμένο με συναγόρευση και ικανό να εξυπηρετήσει. (Ε166) 1—10
ΕΝΟΙΚΙΑΖΕΤΑΙ διαμέρισμα 2 δωματίων Θερίσσου 102. Πληροφ. τηλ. 289371 (Ε125) 1—10
ΕΝΟΙΚΙΑΖΕΤΑΙ κατάστημα είς κεντρικό δρόμο. Πληροφ. τηλ. 231867 και 233334. (Ε110) 1—25
ΕΝΟΙΚΙΑΖΕΤΑΙ Διαμέρισμα έκτος τηλ. 239068 από 9.30 4.30—6.30 μ.μ. (Ε132) 1—25
ΕΝΟΙΚΙΑΖΕΤΑΙ κατάστημα είς την Κρήτη οδό Πάλη. Πληροφ. τηλ. 222034 ή 243578. (Ε909) 1—20
ΕΝΟΙΚΙΑΖΕΤΑΙ 2 κατάστημα τα 40 τ.μ. καινουργές οδός Μυστρό Μασταμπά διαμέρισμα κεντρικού θέρμανση με 45 τ.μ. Πληροφ. τηλ. 289379 (ώρες 6—8 μ.μ.) (Ε163) 1—6
ΕΝΟΙΚΙΑΖΕΤΑΙ επιπλωμένο δίκλινο σε φοιτήτρια. Πληροφ. τηλ. 283421 και 232086. (Ε930) 1—3
ΕΝΟΙΚΙΑΖΕΤΑΙ διαμέρισμα 3 δωματίων στην οδός Αλεξανδρείου 8 Πληροφ. τηλ. 231421 από 1200—1400 ώρα. (Ε994) 1—5
ΕΝΟΙΚΙΑΖΕΤΑΙ δωμάτιο για φοιτητή στο 10 της οδού Μεραμβέλλου να έχει πανεπιστήμιο. Τηλ. 221160 ώρες γραφείου (Ε127) 1—10
ΕΝΟΙΚΙΑΖΕΤΑΙ γωνιακό, 115 τ.μ. στην Τσικ-Κορωνου στην κεντρικό σταθμό. Πληροφ. τηλ. 284012 και 286612. (Ε157) 1—12
